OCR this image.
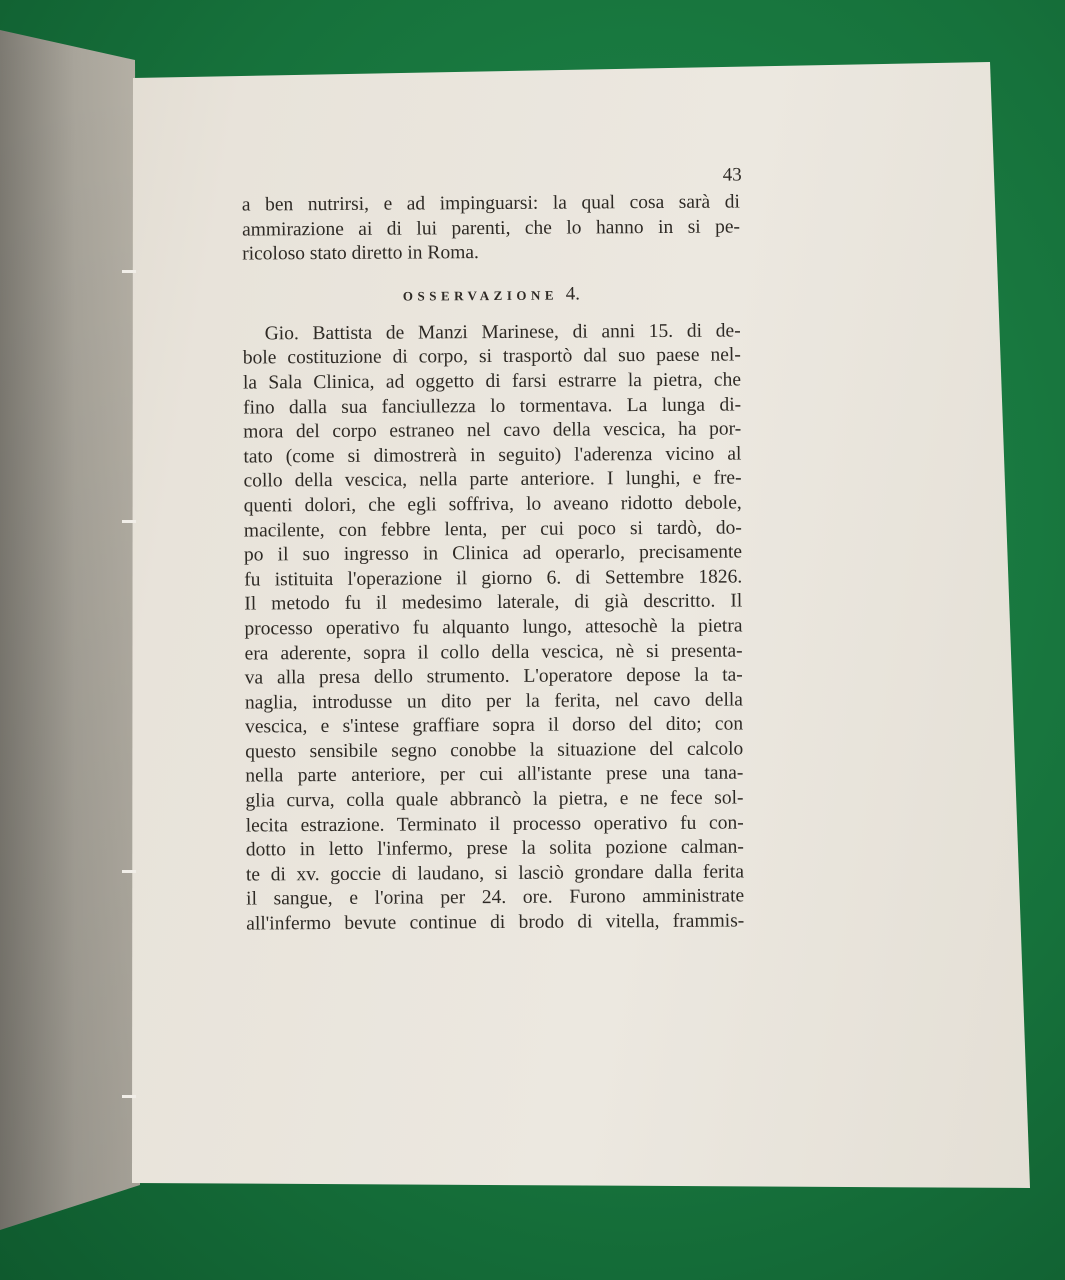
43
a ben nutrirsi, e ad impinguarsi: la qual cosa sarà di
ammirazione ai di lui parenti, che lo hanno in si pe-
ricoloso stato diretto in Roma.
OSSERVAZIONE 4.
Gio. Battista de Manzi Marinese, di anni 15. di de-
bole costituzione di corpo, si trasportò dal suo paese nel-
la Sala Clinica, ad oggetto di farsi estrarre la pietra, che
fino dalla sua fanciullezza lo tormentava. La lunga di-
mora del corpo estraneo nel cavo della vescica, ha por-
tato (come si dimostrerà in seguito) l'aderenza vicino al
collo della vescica, nella parte anteriore. I lunghi, e fre-
quenti dolori, che egli soffriva, lo aveano ridotto debole,
macilente, con febbre lenta, per cui poco si tardò, do-
po il suo ingresso in Clinica ad operarlo, precisamente
fu istituita l'operazione il giorno 6. di Settembre 1826.
Il metodo fu il medesimo laterale, di già descritto. Il
processo operativo fu alquanto lungo, attesochè la pietra
era aderente, sopra il collo della vescica, nè si presenta-
va alla presa dello strumento. L'operatore depose la ta-
naglia, introdusse un dito per la ferita, nel cavo della
vescica, e s'intese graffiare sopra il dorso del dito; con
questo sensibile segno conobbe la situazione del calcolo
nella parte anteriore, per cui all'istante prese una tana-
glia curva, colla quale abbrancò la pietra, e ne fece sol-
lecita estrazione. Terminato il processo operativo fu con-
dotto in letto l'infermo, prese la solita pozione calman-
te di xv. goccie di laudano, si lasciò grondare dalla ferita
il sangue, e l'orina per 24. ore. Furono amministrate
all'infermo bevute continue di brodo di vitella, frammis-
